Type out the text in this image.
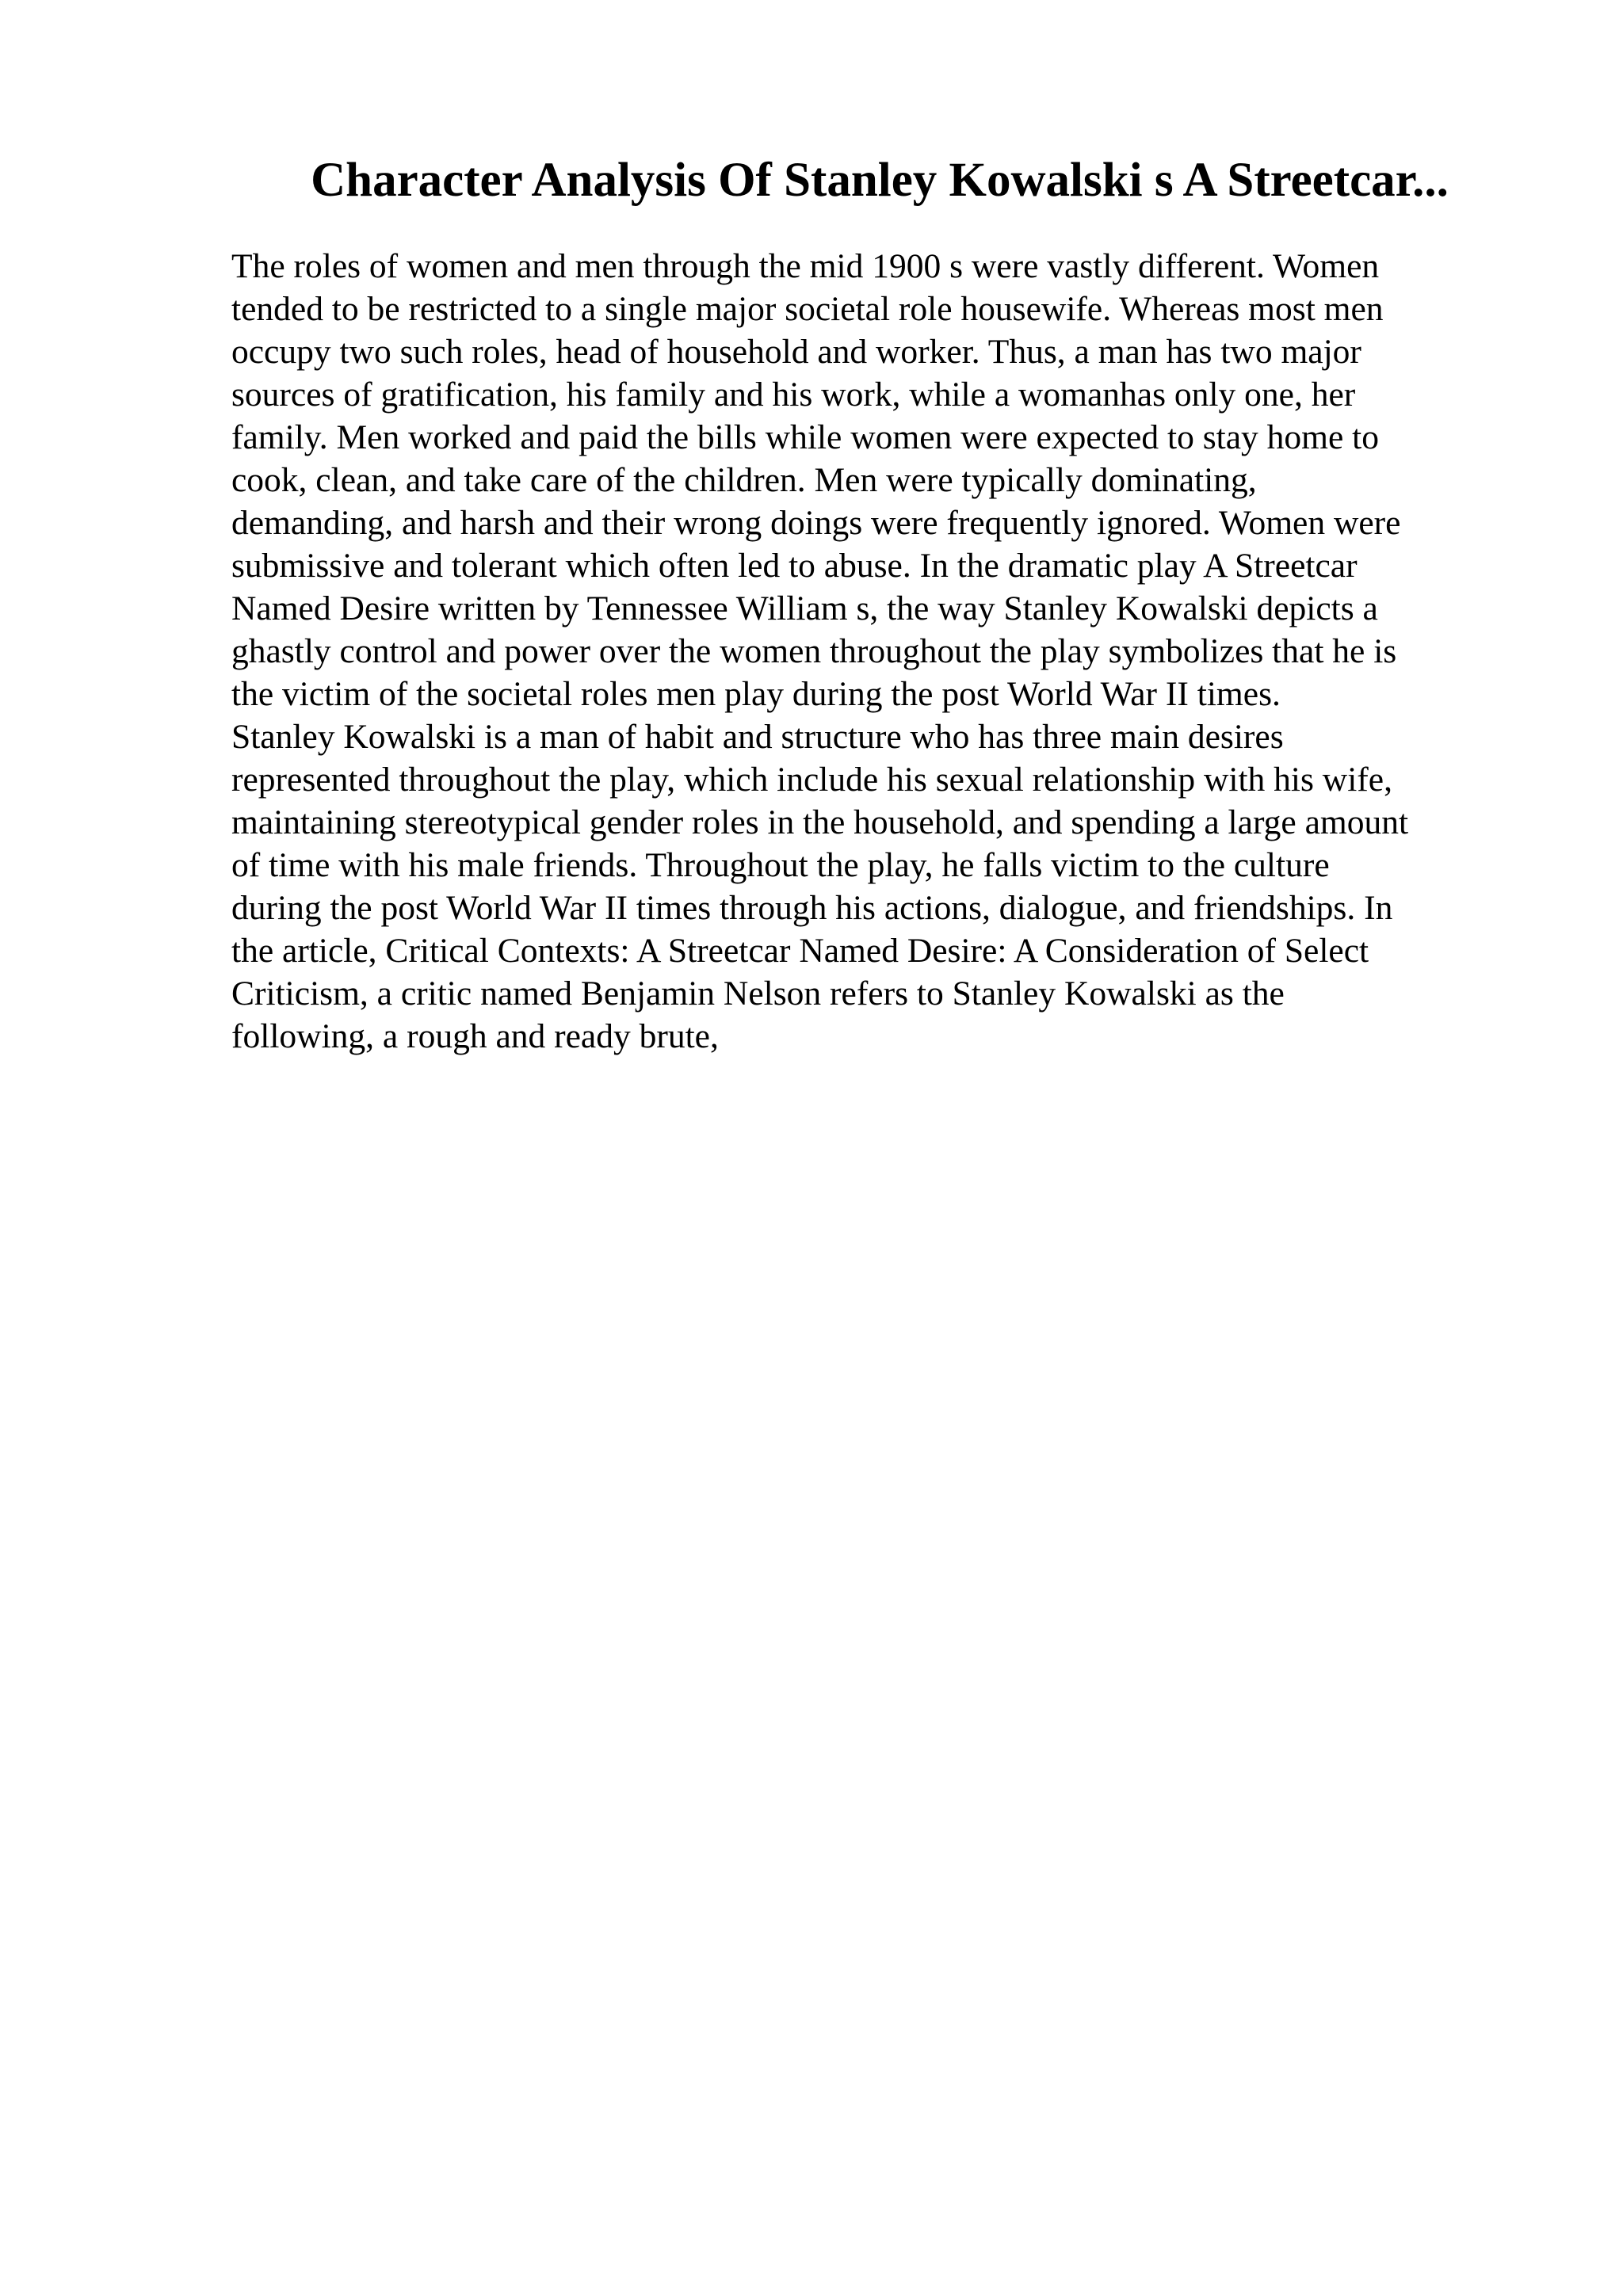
Character Analysis Of Stanley Kowalski s A Streetcar...
The roles of women and men through the mid 1900 s were vastly different. Women
tended to be restricted to a single major societal role housewife. Whereas most men
occupy two such roles, head of household and worker. Thus, a man has two major
sources of gratification, his family and his work, while a womanhas only one, her
family. Men worked and paid the bills while women were expected to stay home to
cook, clean, and take care of the children. Men were typically dominating,
demanding, and harsh and their wrong doings were frequently ignored. Women were
submissive and tolerant which often led to abuse. In the dramatic play A Streetcar
Named Desire written by Tennessee William s, the way Stanley Kowalski depicts a
ghastly control and power over the women throughout the play symbolizes that he is
the victim of the societal roles men play during the post World War II times.
Stanley Kowalski is a man of habit and structure who has three main desires
represented throughout the play, which include his sexual relationship with his wife,
maintaining stereotypical gender roles in the household, and spending a large amount
of time with his male friends. Throughout the play, he falls victim to the culture
during the post World War II times through his actions, dialogue, and friendships. In
the article, Critical Contexts: A Streetcar Named Desire: A Consideration of Select
Criticism, a critic named Benjamin Nelson refers to Stanley Kowalski as the
following, a rough and ready brute,
